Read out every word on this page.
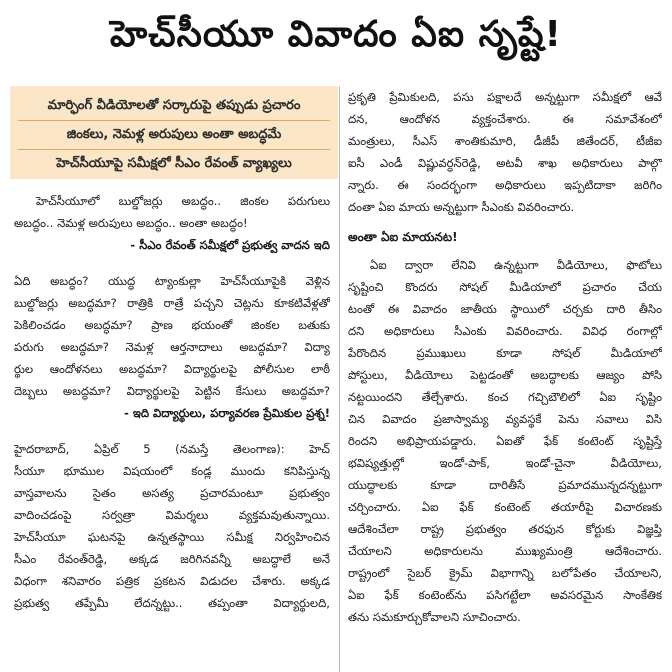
హెచ్‌సీయూ వివాదం ఏఐ సృష్టే!
మార్ఫింగ్ వీడియోలతో సర్కారుపై తప్పుడు ప్రచారం
జింకలు, నెమళ్ల అరుపులు అంతా అబద్ధమే
హెచ్‌సీయూపై సమీక్షలో సీఎం రేవంత్ వ్యాఖ్యలు
హెచ్‌సీయూలో బుల్డోజర్లు అబద్ధం.. జింకల పరుగులు
అబద్ధం.. నెమళ్ల అరుపులు అబద్ధం.. అంతా అబద్ధం!
- సీఎం రేవంత్ సమీక్షలో ప్రభుత్వ వాదన ఇది
ఏది అబద్ధం? యుద్ధ ట్యాంకుల్లా హెచ్‌సీయూపైకి వెళ్లిన
బుల్డోజర్లు అబద్ధమా? రాత్రికి రాత్రే పచ్చని చెట్లను కూకటివేళ్లతో
పెకిలించడం అబద్ధమా? ప్రాణ భయంతో జింకల బతుకు
పరుగు అబద్ధమా? నెమళ్ల ఆర్తనాదాలు అబద్ధమా? విద్యా
ర్థుల ఆందోళనలు అబద్ధమా? విద్యార్థులపై పోలీసుల లాఠీ
దెబ్బలు అబద్ధమా? విద్యార్థులపై పెట్టిన కేసులు అబద్ధమా?
- ఇది విద్యార్థులు, పర్యావరణ ప్రేమికుల ప్రశ్న!
హైదరాబాద్, ఏప్రిల్ 5 (నమస్తే తెలంగాణ): హెచ్
సీయూ భూముల విషయంలో కండ్ల ముందు కనిపిస్తున్న
వాస్తవాలను సైతం అసత్య ప్రచారమంటూ ప్రభుత్వం
వాదించడంపై సర్వత్రా విమర్శలు వ్యక్తమవుతున్నాయి.
హెచ్‌సీయూ ఘటనపై ఉన్నతస్థాయి సమీక్ష నిర్వహించిన
సీఎం రేవంత్‌రెడ్డి, అక్కడ జరిగినవన్నీ అబద్ధాలే అనే
విధంగా శనివారం పత్రిక ప్రకటన విడుదల చేశారు. అక్కడ
ప్రభుత్వ తప్పేమీ లేదన్నట్టు.. తప్పంతా విద్యార్థులది,
ప్రకృతి ప్రేమికులది, పసు పక్షాలదే అన్నట్టుగా సమీక్షలో ఆవే
దన, ఆందోళన వ్యక్తంచేశారు. ఈ సమావేశంలో
మంత్రులు, సీఎస్ శాంతికుమారి, డీజీపీ జితేందర్, టీజీఐ
ఐసీ ఎండీ విష్ణువర్ధన్‌రెడ్డి, అటవీ శాఖ అధికారులు పాల్గొ
న్నారు. ఈ సందర్భంగా అధికారులు ఇప్పటిదాకా జరిగిం
దంతా ఏఐ మాయ అన్నట్టుగా సీఎంకు వివరించారు.
అంతా ఏఐ మాయనట!
ఏఐ ద్వారా లేనివి ఉన్నట్టుగా వీడియోలు, ఫొటోలు
సృష్టించి కొందరు సోషల్ మీడియాలో ప్రచారం చేయ
టంతో ఈ వివాదం జాతీయ స్థాయిలో చర్చకు దారి తీసిం
దని అధికారులు సీఎంకు వివరించారు. వివిధ రంగాల్లో
పేరొందిన ప్రముఖులు కూడా సోషల్ మీడియాలో
పోస్టులు, వీడియోలు పెట్టడంతో అబద్ధాలకు ఆజ్యం పోసి
నట్టయిందని తేల్చేశారు. కంచ గచ్చిబౌలిలో ఏఐ సృష్టిం
చిన వివాదం ప్రజాస్వామ్య వ్యవస్థకే పెను సవాలు విసి
రిందని అభిప్రాయపడ్డారు. ఏఐతో ఫేక్ కంటెంట్ సృష్టిస్తే
భవిష్యత్తుల్లో ఇండో-పాక్, ఇండో-చైనా వీడియోలు,
యుద్ధాలకు కూడా దారితీసే ప్రమాదమున్నదన్నట్టుగా
చర్చించారు. ఏఐ ఫేక్ కంటెంట్ తయారీపై విచారణకు
ఆదేశించేలా రాష్ట్ర ప్రభుత్వం తరఫున కోర్టుకు విజ్ఞప్తి
చేయాలని అధికారులను ముఖ్యమంత్రి ఆదేశించారు.
రాష్ట్రంలో సైబర్ క్రైమ్ విభాగాన్ని బలోపేతం చేయాలని,
ఏఐ ఫేక్ కంటెంట్‌ను పసిగట్టేలా అవసరమైన సాంకేతిక
తను సమకూర్చుకోవాలని సూచించారు.
